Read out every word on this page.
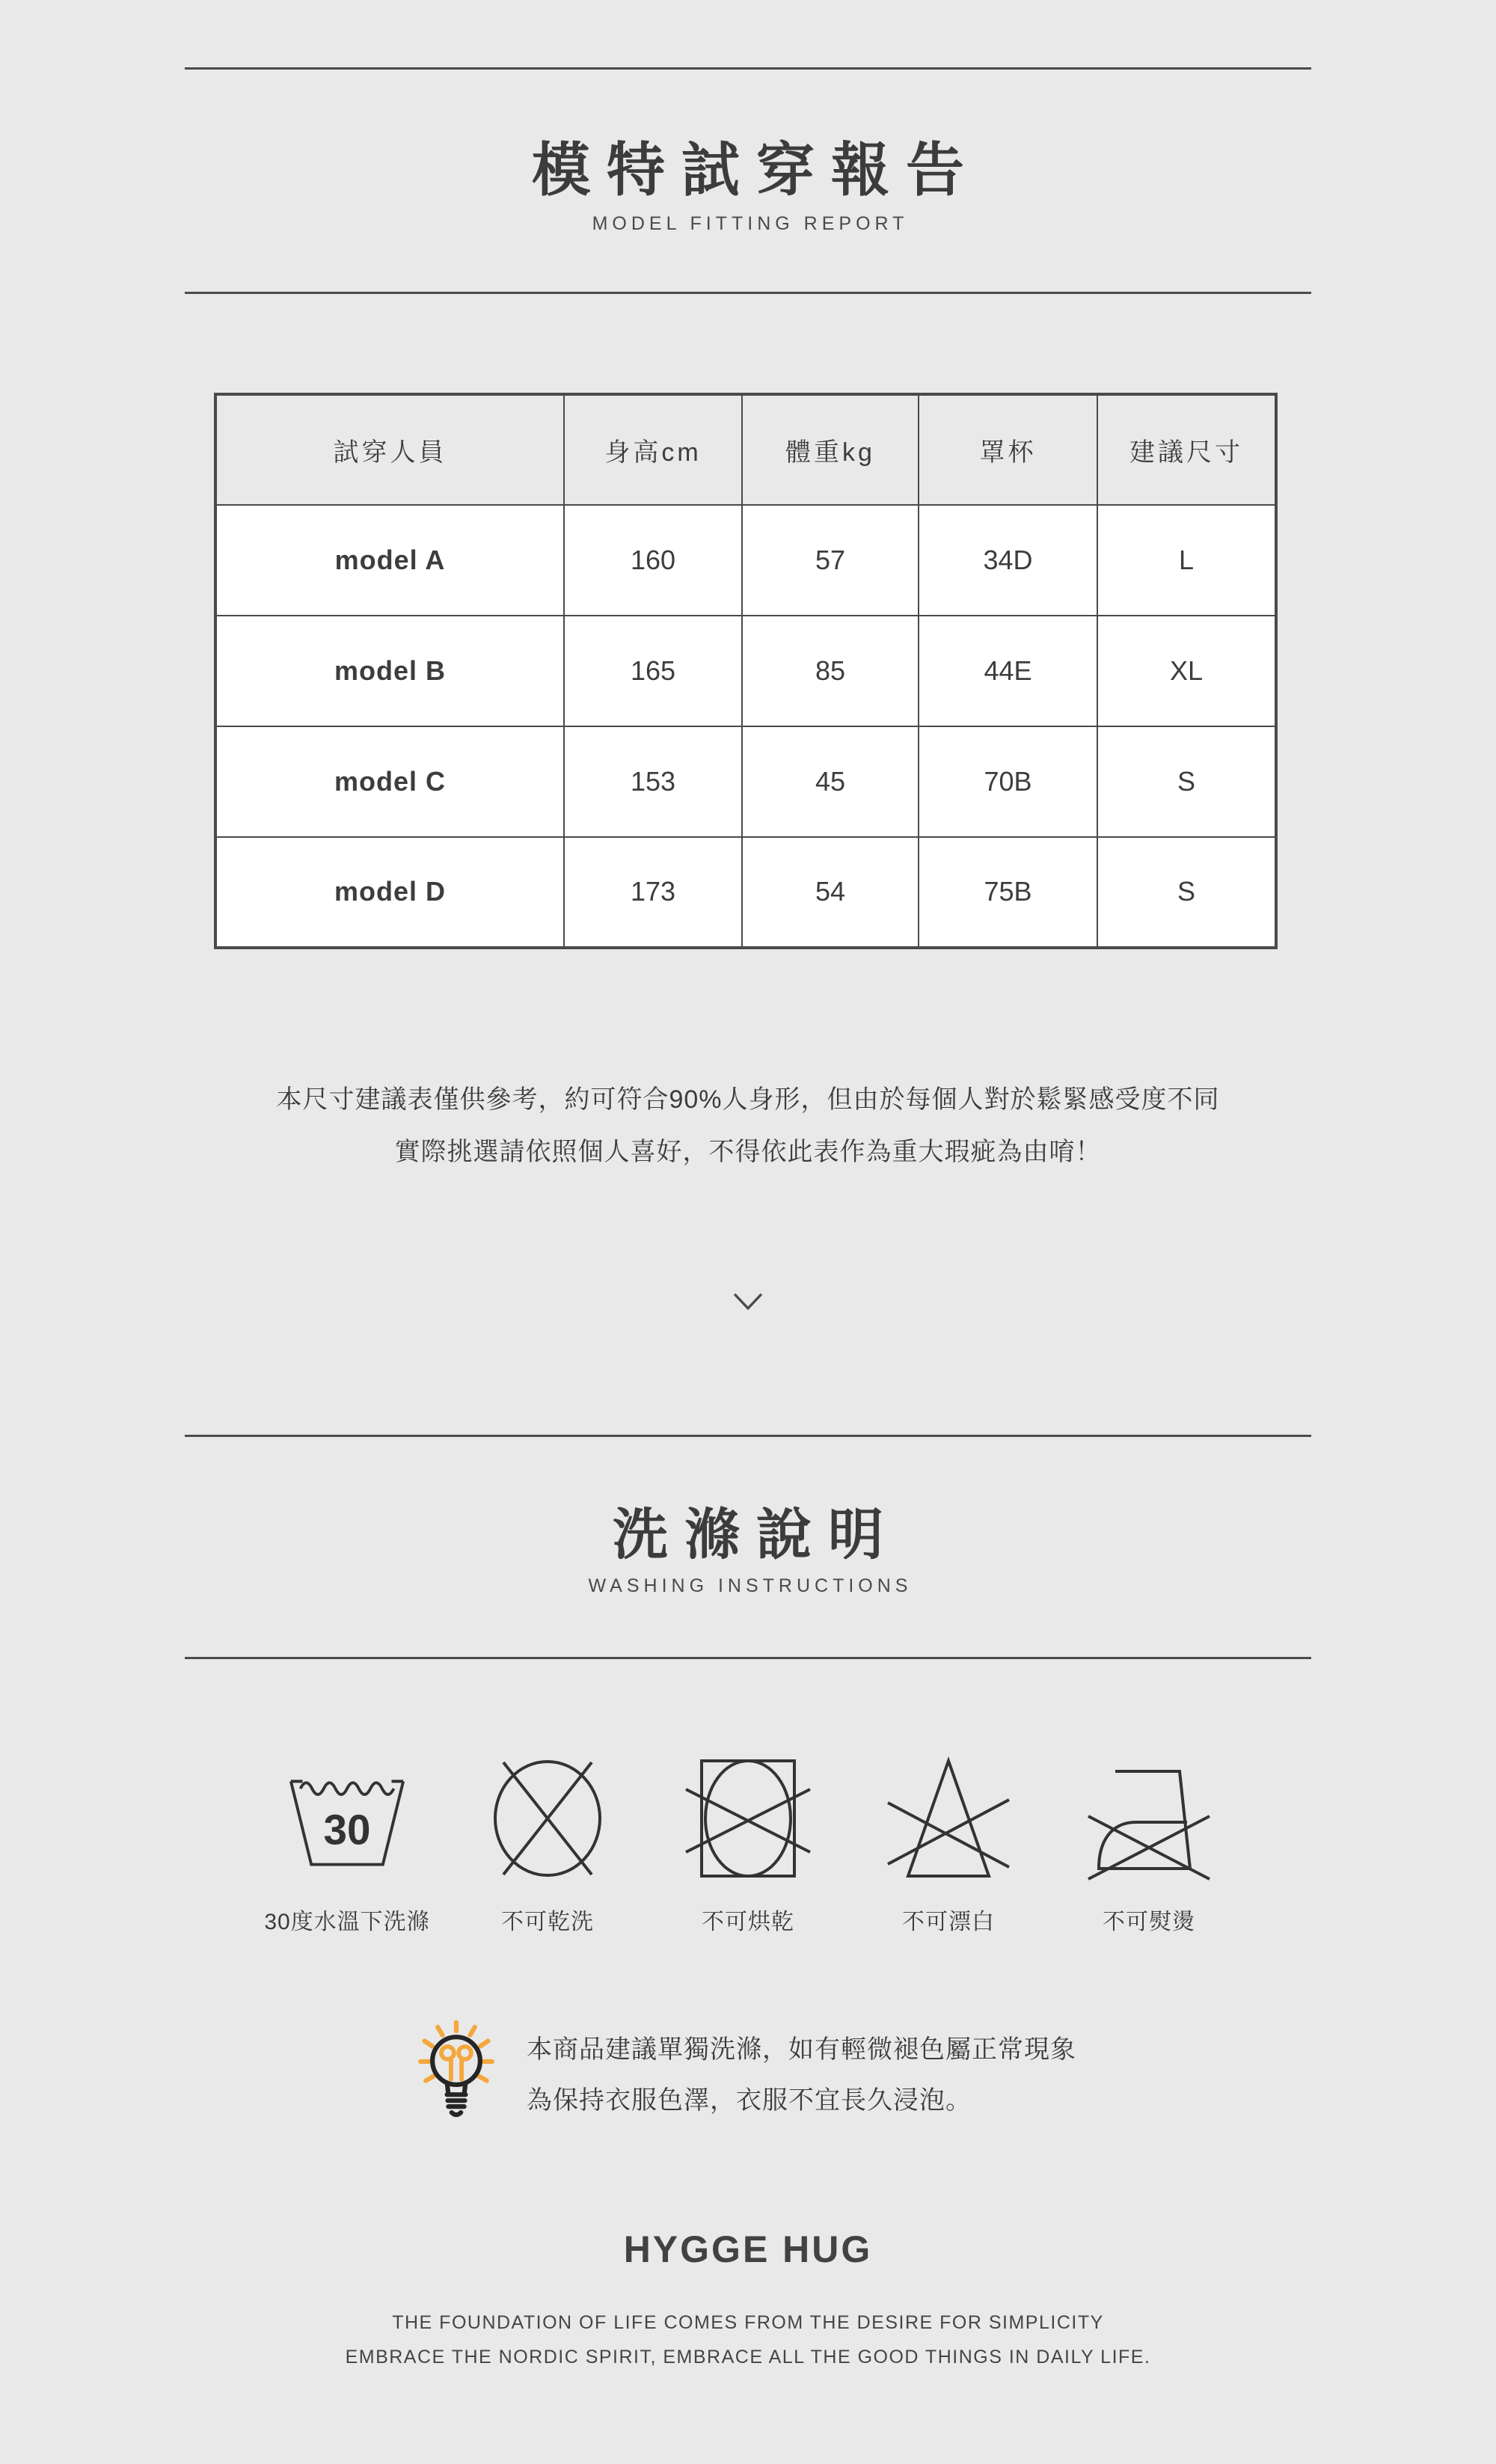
模特試穿報告
MODEL FITTING REPORT
試穿人員	身高cm	體重kg	罩杯	建議尺寸
model A	160	57	34D	L
model B	165	85	44E	XL
model C	153	45	70B	S
model D	173	54	75B	S
本尺寸建議表僅供參考，約可符合90%人身形，但由於每個人對於鬆緊感受度不同
實際挑選請依照個人喜好，不得依此表作為重大瑕疵為由唷！
洗滌說明
WASHING INSTRUCTIONS
30
30度水溫下洗滌	不可乾洗	不可烘乾	不可漂白	不可熨燙
本商品建議單獨洗滌，如有輕微褪色屬正常現象
為保持衣服色澤，衣服不宜長久浸泡。
HYGGE HUG
THE FOUNDATION OF LIFE COMES FROM THE DESIRE FOR SIMPLICITY
EMBRACE THE NORDIC SPIRIT, EMBRACE ALL THE GOOD THINGS IN DAILY LIFE.
